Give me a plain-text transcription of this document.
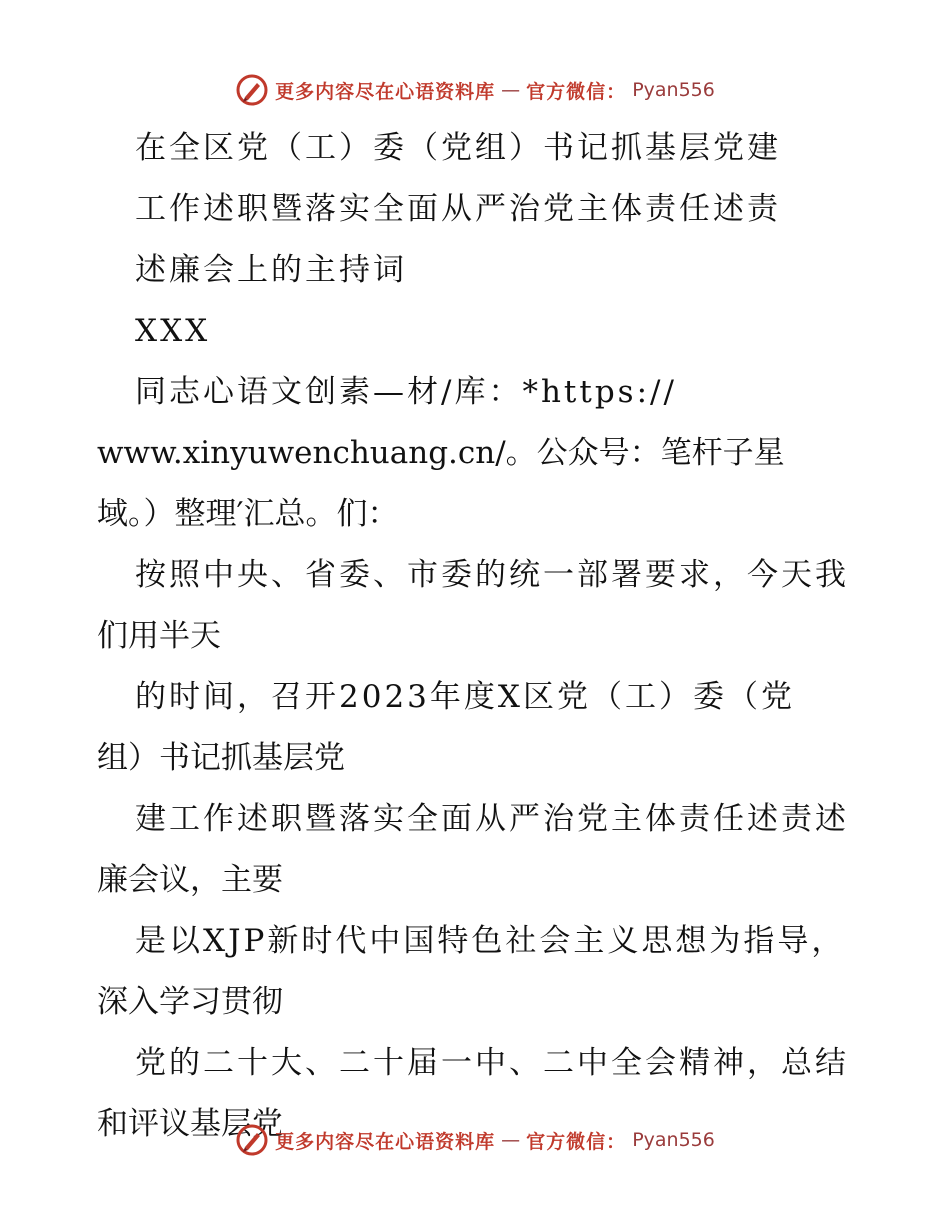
更多内容尽在心语资料库 — 官方微信： Pyan556
在全区党（工）委（党组）书记抓基层党建
工作述职暨落实全面从严治党主体责任述责
述廉会上的主持词
XXX
同志心语文创素—材/库：*https://
www.xinyuwenchuang.cn/。公众号：笔杆子星
域。）整理′汇总。们：
按照中央、省委、市委的统一部署要求，今天我
们用半天
的时间，召开2023年度X区党（工）委（党
组）书记抓基层党
建工作述职暨落实全面从严治党主体责任述责述
廉会议，主要
是以XJP新时代中国特色社会主义思想为指导，
深入学习贯彻
党的二十大、二十届一中、二中全会精神，总结
和评议基层党
更多内容尽在心语资料库 — 官方微信： Pyan556
